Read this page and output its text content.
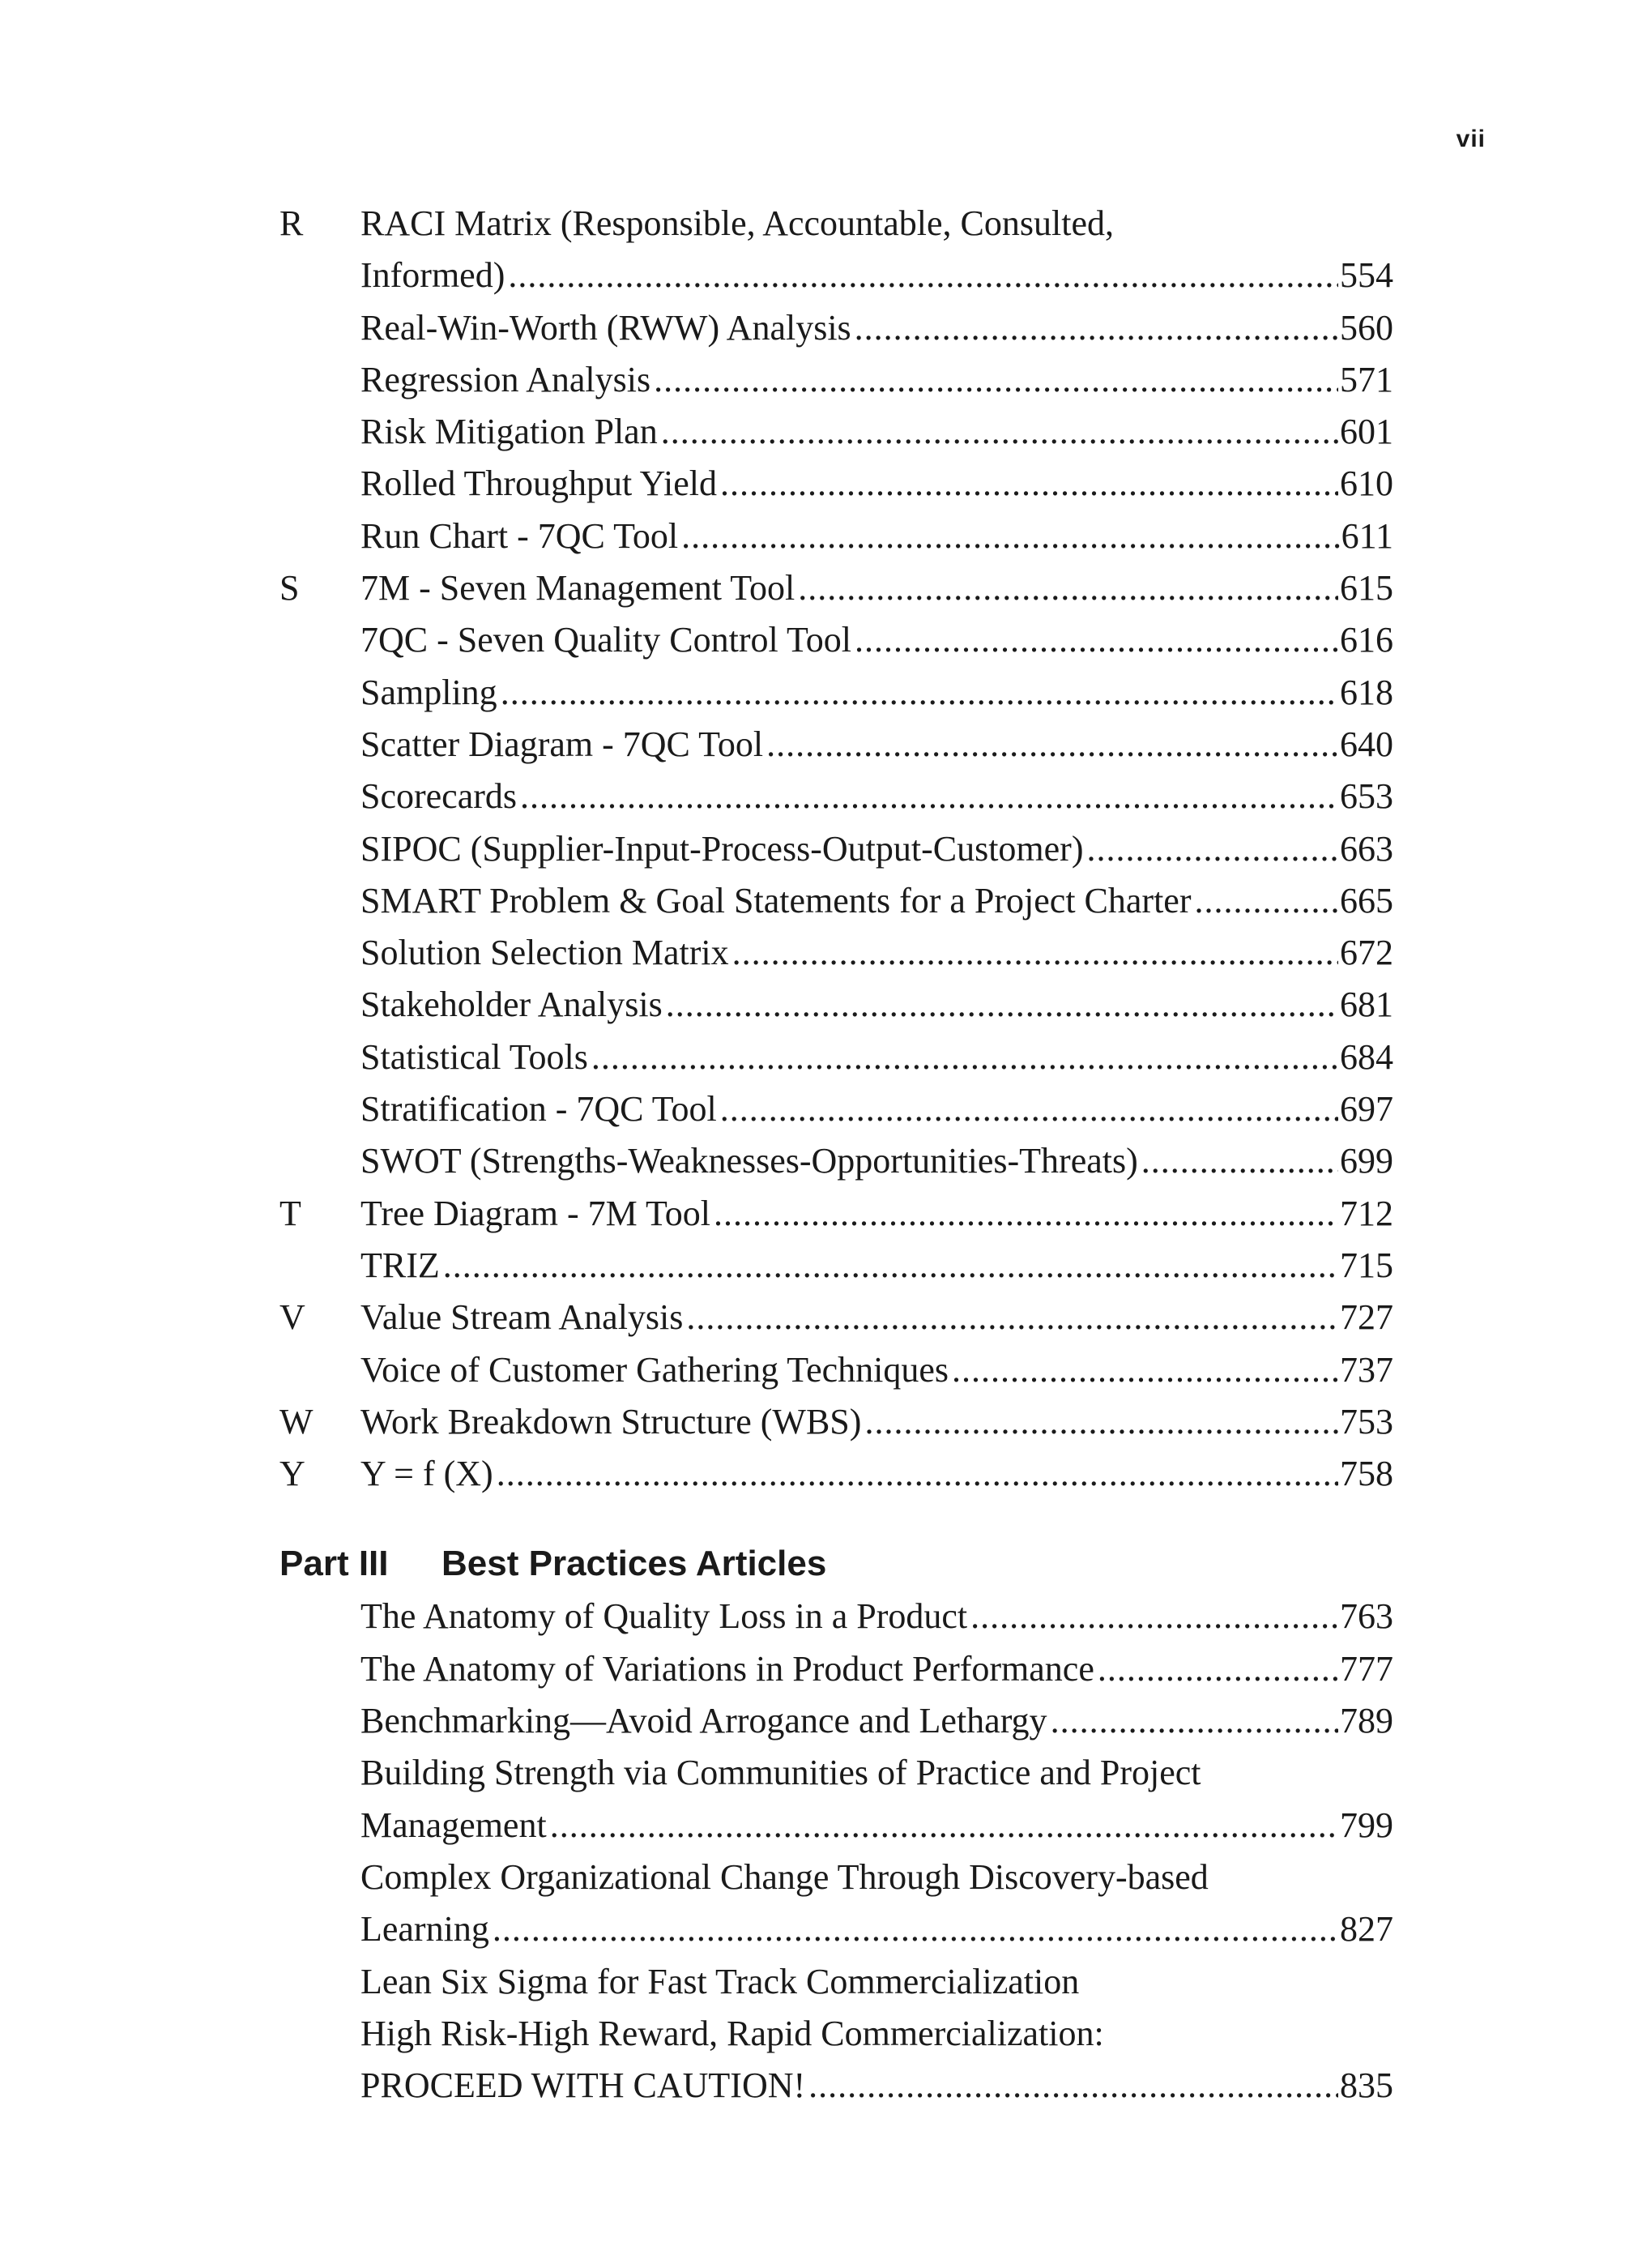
vii
R	RACI Matrix (Responsible, Accountable, Consulted,
Informed) .....	554
Real-Win-Worth (RWW) Analysis .....	560
Regression Analysis .....	571
Risk Mitigation Plan .....	601
Rolled Throughput Yield .....	610
Run Chart - 7QC Tool .....	611
S	7M - Seven Management Tool .....	615
7QC - Seven Quality Control Tool .....	616
Sampling .....	618
Scatter Diagram - 7QC Tool .....	640
Scorecards .....	653
SIPOC (Supplier-Input-Process-Output-Customer) .....	663
SMART Problem & Goal Statements for a Project Charter .....	665
Solution Selection Matrix .....	672
Stakeholder Analysis .....	681
Statistical Tools .....	684
Stratification - 7QC Tool .....	697
SWOT (Strengths-Weaknesses-Opportunities-Threats) .....	699
T	Tree Diagram - 7M Tool .....	712
TRIZ .....	715
V	Value Stream Analysis .....	727
Voice of Customer Gathering Techniques .....	737
W	Work Breakdown Structure (WBS) .....	753
Y	Y = f (X) .....	758
Part III	Best Practices Articles
The Anatomy of Quality Loss in a Product .....	763
The Anatomy of Variations in Product Performance .....	777
Benchmarking—Avoid Arrogance and Lethargy .....	789
Building Strength via Communities of Practice and Project
Management .....	799
Complex Organizational Change Through Discovery-based
Learning .....	827
Lean Six Sigma for Fast Track Commercialization
High Risk-High Reward, Rapid Commercialization:
PROCEED WITH CAUTION! .....	835
